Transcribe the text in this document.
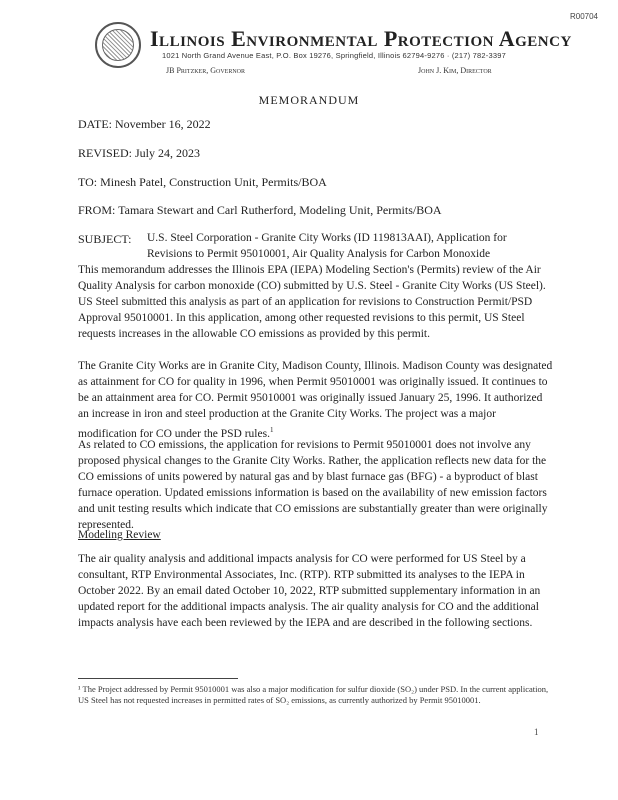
R00704
Illinois Environmental Protection Agency
1021 North Grand Avenue East, P.O. Box 19276, Springfield, Illinois 62794-9276 · (217) 782-3397
JB Pritzker, Governor	John J. Kim, Director
MEMORANDUM
DATE: November 16, 2022
REVISED: July 24, 2023
TO: Minesh Patel, Construction Unit, Permits/BOA
FROM: Tamara Stewart and Carl Rutherford, Modeling Unit, Permits/BOA
SUBJECT: U.S. Steel Corporation - Granite City Works (ID 119813AAI), Application for
Revisions to Permit 95010001, Air Quality Analysis for Carbon Monoxide
This memorandum addresses the Illinois EPA (IEPA) Modeling Section's (Permits) review of the Air Quality Analysis for carbon monoxide (CO) submitted by U.S. Steel - Granite City Works (US Steel). US Steel submitted this analysis as part of an application for revisions to Construction Permit/PSD Approval 95010001. In this application, among other requested revisions to this permit, US Steel requests increases in the allowable CO emissions as provided by this permit.
The Granite City Works are in Granite City, Madison County, Illinois. Madison County was designated as attainment for CO for quality in 1996, when Permit 95010001 was originally issued. It continues to be an attainment area for CO. Permit 95010001 was originally issued January 25, 1996. It authorized an increase in iron and steel production at the Granite City Works. The project was a major modification for CO under the PSD rules.$^1$
As related to CO emissions, the application for revisions to Permit 95010001 does not involve any proposed physical changes to the Granite City Works. Rather, the application reflects new data for the CO emissions of units powered by natural gas and by blast furnace gas (BFG) - a byproduct of blast furnace operation. Updated emissions information is based on the availability of new emission factors and unit testing results which indicate that CO emissions are substantially greater than were originally represented.
Modeling Review
The air quality analysis and additional impacts analysis for CO were performed for US Steel by a consultant, RTP Environmental Associates, Inc. (RTP). RTP submitted its analyses to the IEPA in October 2022. By an email dated October 10, 2022, RTP submitted supplementary information in an updated report for the additional impacts analysis. The air quality analysis for CO and the additional impacts analysis have each been reviewed by the IEPA and are described in the following sections.
¹ The Project addressed by Permit 95010001 was also a major modification for sulfur dioxide (SO₂) under PSD. In the current application, US Steel has not requested increases in permitted rates of SO₂ emissions, as currently authorized by Permit 95010001.
1
